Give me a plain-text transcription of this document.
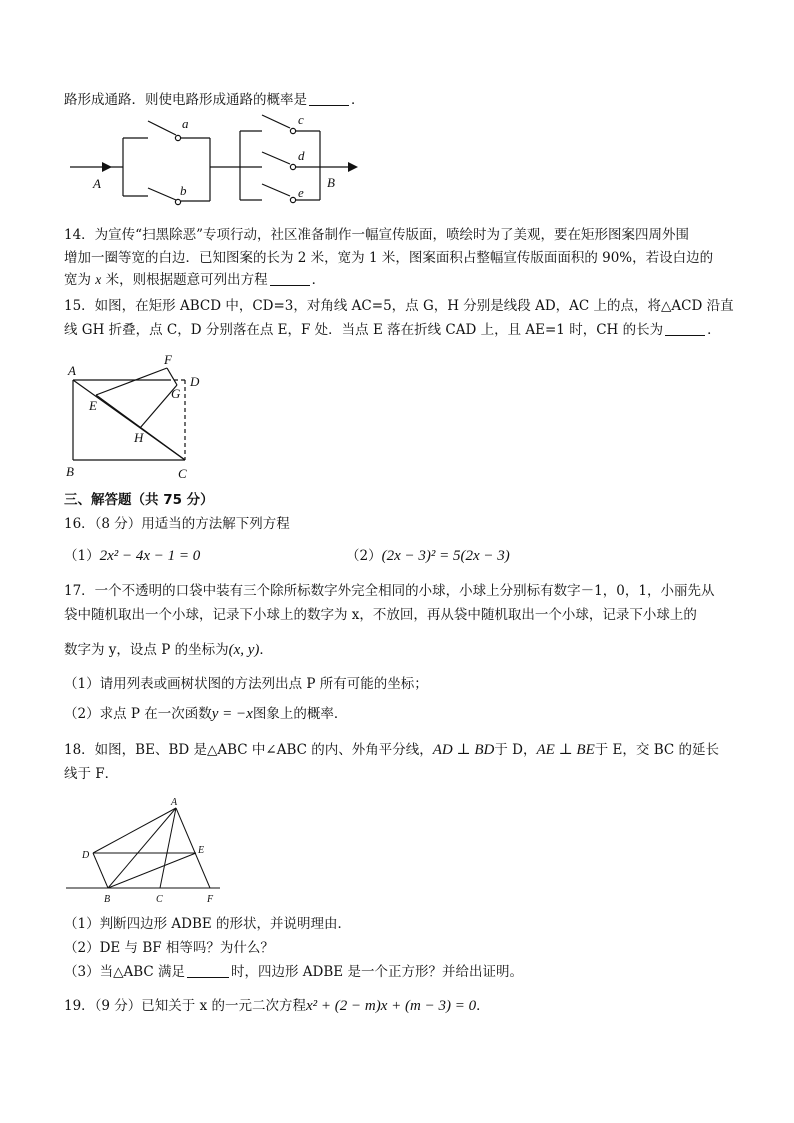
路形成通路．则使电路形成通路的概率是	．
a
b
c
d
e
A	B
14．为宣传“扫黑除恶”专项行动，社区准备制作一幅宣传版面，喷绘时为了美观，要在矩形图案四周外围
增加一圈等宽的白边．已知图案的长为 2 米，宽为 1 米，图案面积占整幅宣传版面面积的 90%，若设白边的
宽为 x 米，则根据题意可列出方程	．
15．如图，在矩形 ABCD 中，CD=3，对角线 AC=5，点 G，H 分别是线段 AD，AC 上的点，将△ACD 沿直
线 GH 折叠，点 C，D 分别落在点 E，F 处．当点 E 落在折线 CAD 上，且 AE=1 时，CH 的长为	．
A
B	C
D
E
F
G
H
三、解答题（共 75 分）
16．（8 分）用适当的方法解下列方程
（1）2x² − 4x − 1 = 0	（2）(2x − 3)² = 5(2x − 3)
17．一个不透明的口袋中装有三个除所标数字外完全相同的小球，小球上分别标有数字－1，0，1，小丽先从
袋中随机取出一个小球，记录下小球上的数字为 x，不放回，再从袋中随机取出一个小球，记录下小球上的
数字为 y，设点 P 的坐标为(x, y)．
（1）请用列表或画树状图的方法列出点 P 所有可能的坐标；
（2）求点 P 在一次函数y = −x图象上的概率．
18．如图，BE、BD 是△ABC 中∠ABC 的内、外角平分线，AD ⊥ BD于 D，AE ⊥ BE于 E，交 BC 的延长
线于 F．
A
B	C
D	E
F
（1）判断四边形 ADBE 的形状，并说明理由．
（2）DE 与 BF 相等吗？为什么？
（3）当△ABC 满足	时，四边形 ADBE 是一个正方形？并给出证明。
19．（9 分）已知关于 x 的一元二次方程x² + (2 − m)x + (m − 3) = 0．
